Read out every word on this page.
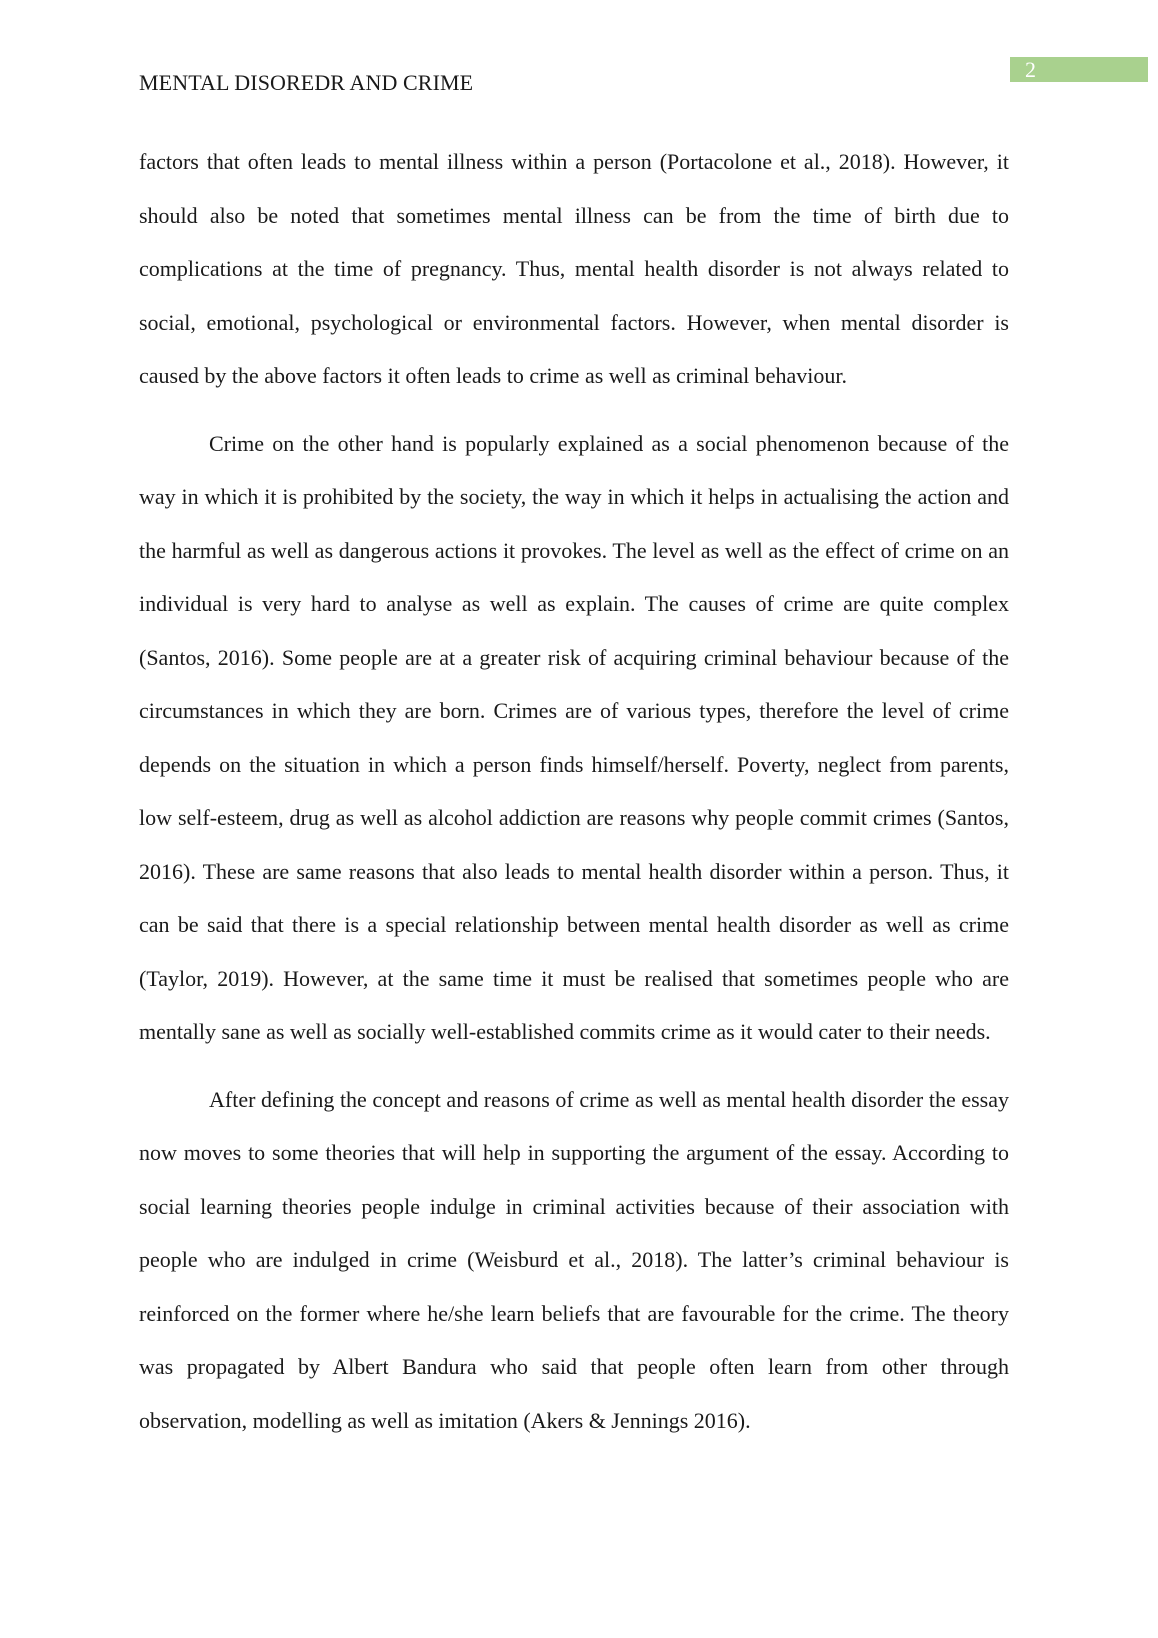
2
MENTAL DISOREDR AND CRIME

factors that often leads to mental illness within a person (Portacolone et al., 2018). However, it should also be noted that sometimes mental illness can be from the time of birth due to complications at the time of pregnancy. Thus, mental health disorder is not always related to social, emotional, psychological or environmental factors. However, when mental disorder is caused by the above factors it often leads to crime as well as criminal behaviour.

Crime on the other hand is popularly explained as a social phenomenon because of the way in which it is prohibited by the society, the way in which it helps in actualising the action and the harmful as well as dangerous actions it provokes. The level as well as the effect of crime on an individual is very hard to analyse as well as explain. The causes of crime are quite complex (Santos, 2016). Some people are at a greater risk of acquiring criminal behaviour because of the circumstances in which they are born. Crimes are of various types, therefore the level of crime depends on the situation in which a person finds himself/herself. Poverty, neglect from parents, low self-esteem, drug as well as alcohol addiction are reasons why people commit crimes (Santos, 2016). These are same reasons that also leads to mental health disorder within a person. Thus, it can be said that there is a special relationship between mental health disorder as well as crime (Taylor, 2019). However, at the same time it must be realised that sometimes people who are mentally sane as well as socially well-established commits crime as it would cater to their needs.

After defining the concept and reasons of crime as well as mental health disorder the essay now moves to some theories that will help in supporting the argument of the essay. According to social learning theories people indulge in criminal activities because of their association with people who are indulged in crime (Weisburd et al., 2018). The latter’s criminal behaviour is reinforced on the former where he/she learn beliefs that are favourable for the crime. The theory was propagated by Albert Bandura who said that people often learn from other through observation, modelling as well as imitation (Akers & Jennings 2016).
